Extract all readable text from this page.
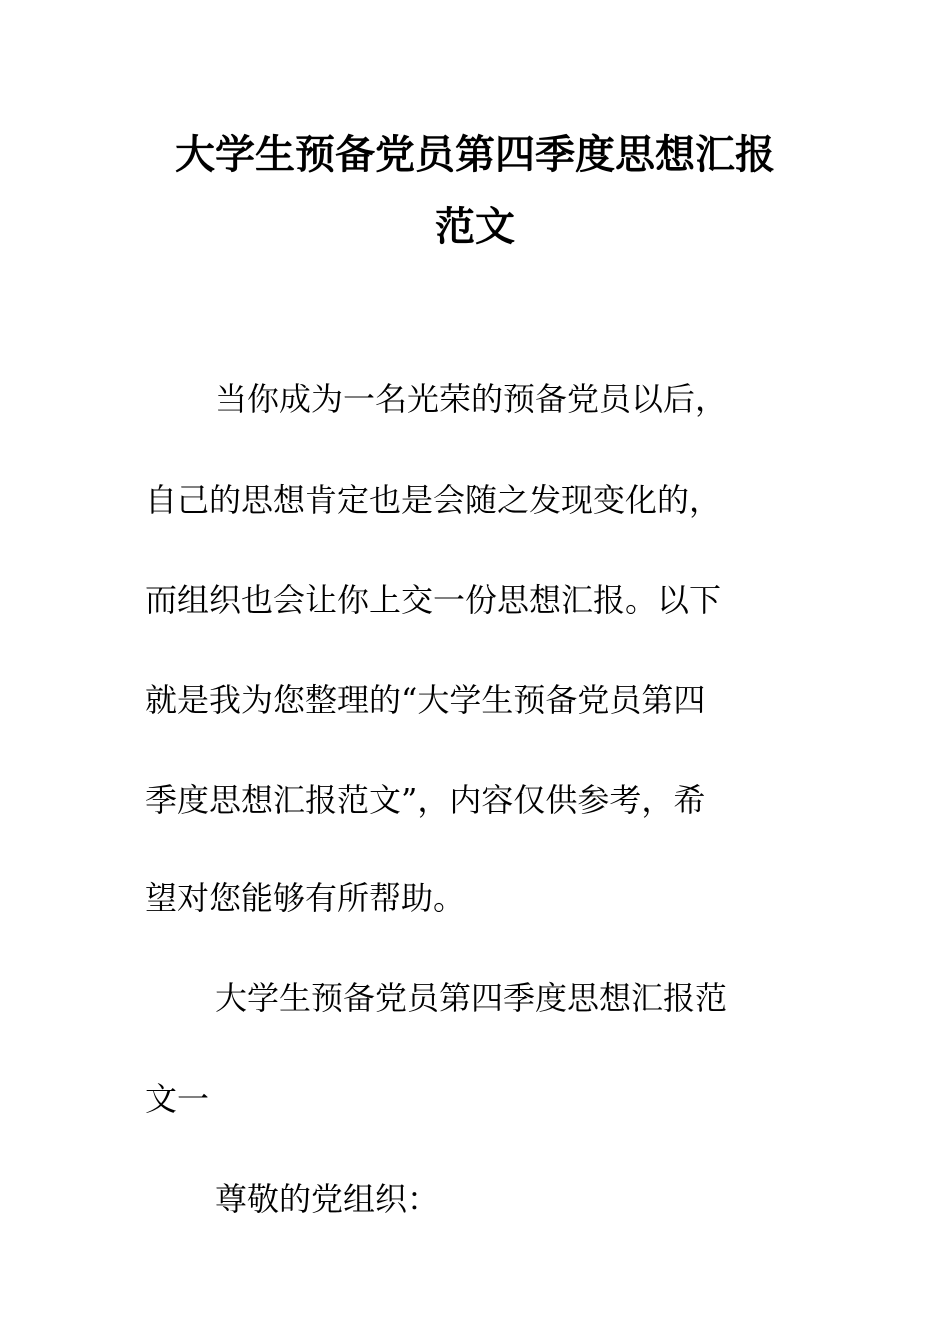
大学生预备党员第四季度思想汇报
范文
当你成为一名光荣的预备党员以后，
自己的思想肯定也是会随之发现变化的，
而组织也会让你上交一份思想汇报。以下
就是我为您整理的“大学生预备党员第四
季度思想汇报范文”，内容仅供参考，希
望对您能够有所帮助。
大学生预备党员第四季度思想汇报范
文一
尊敬的党组织：
